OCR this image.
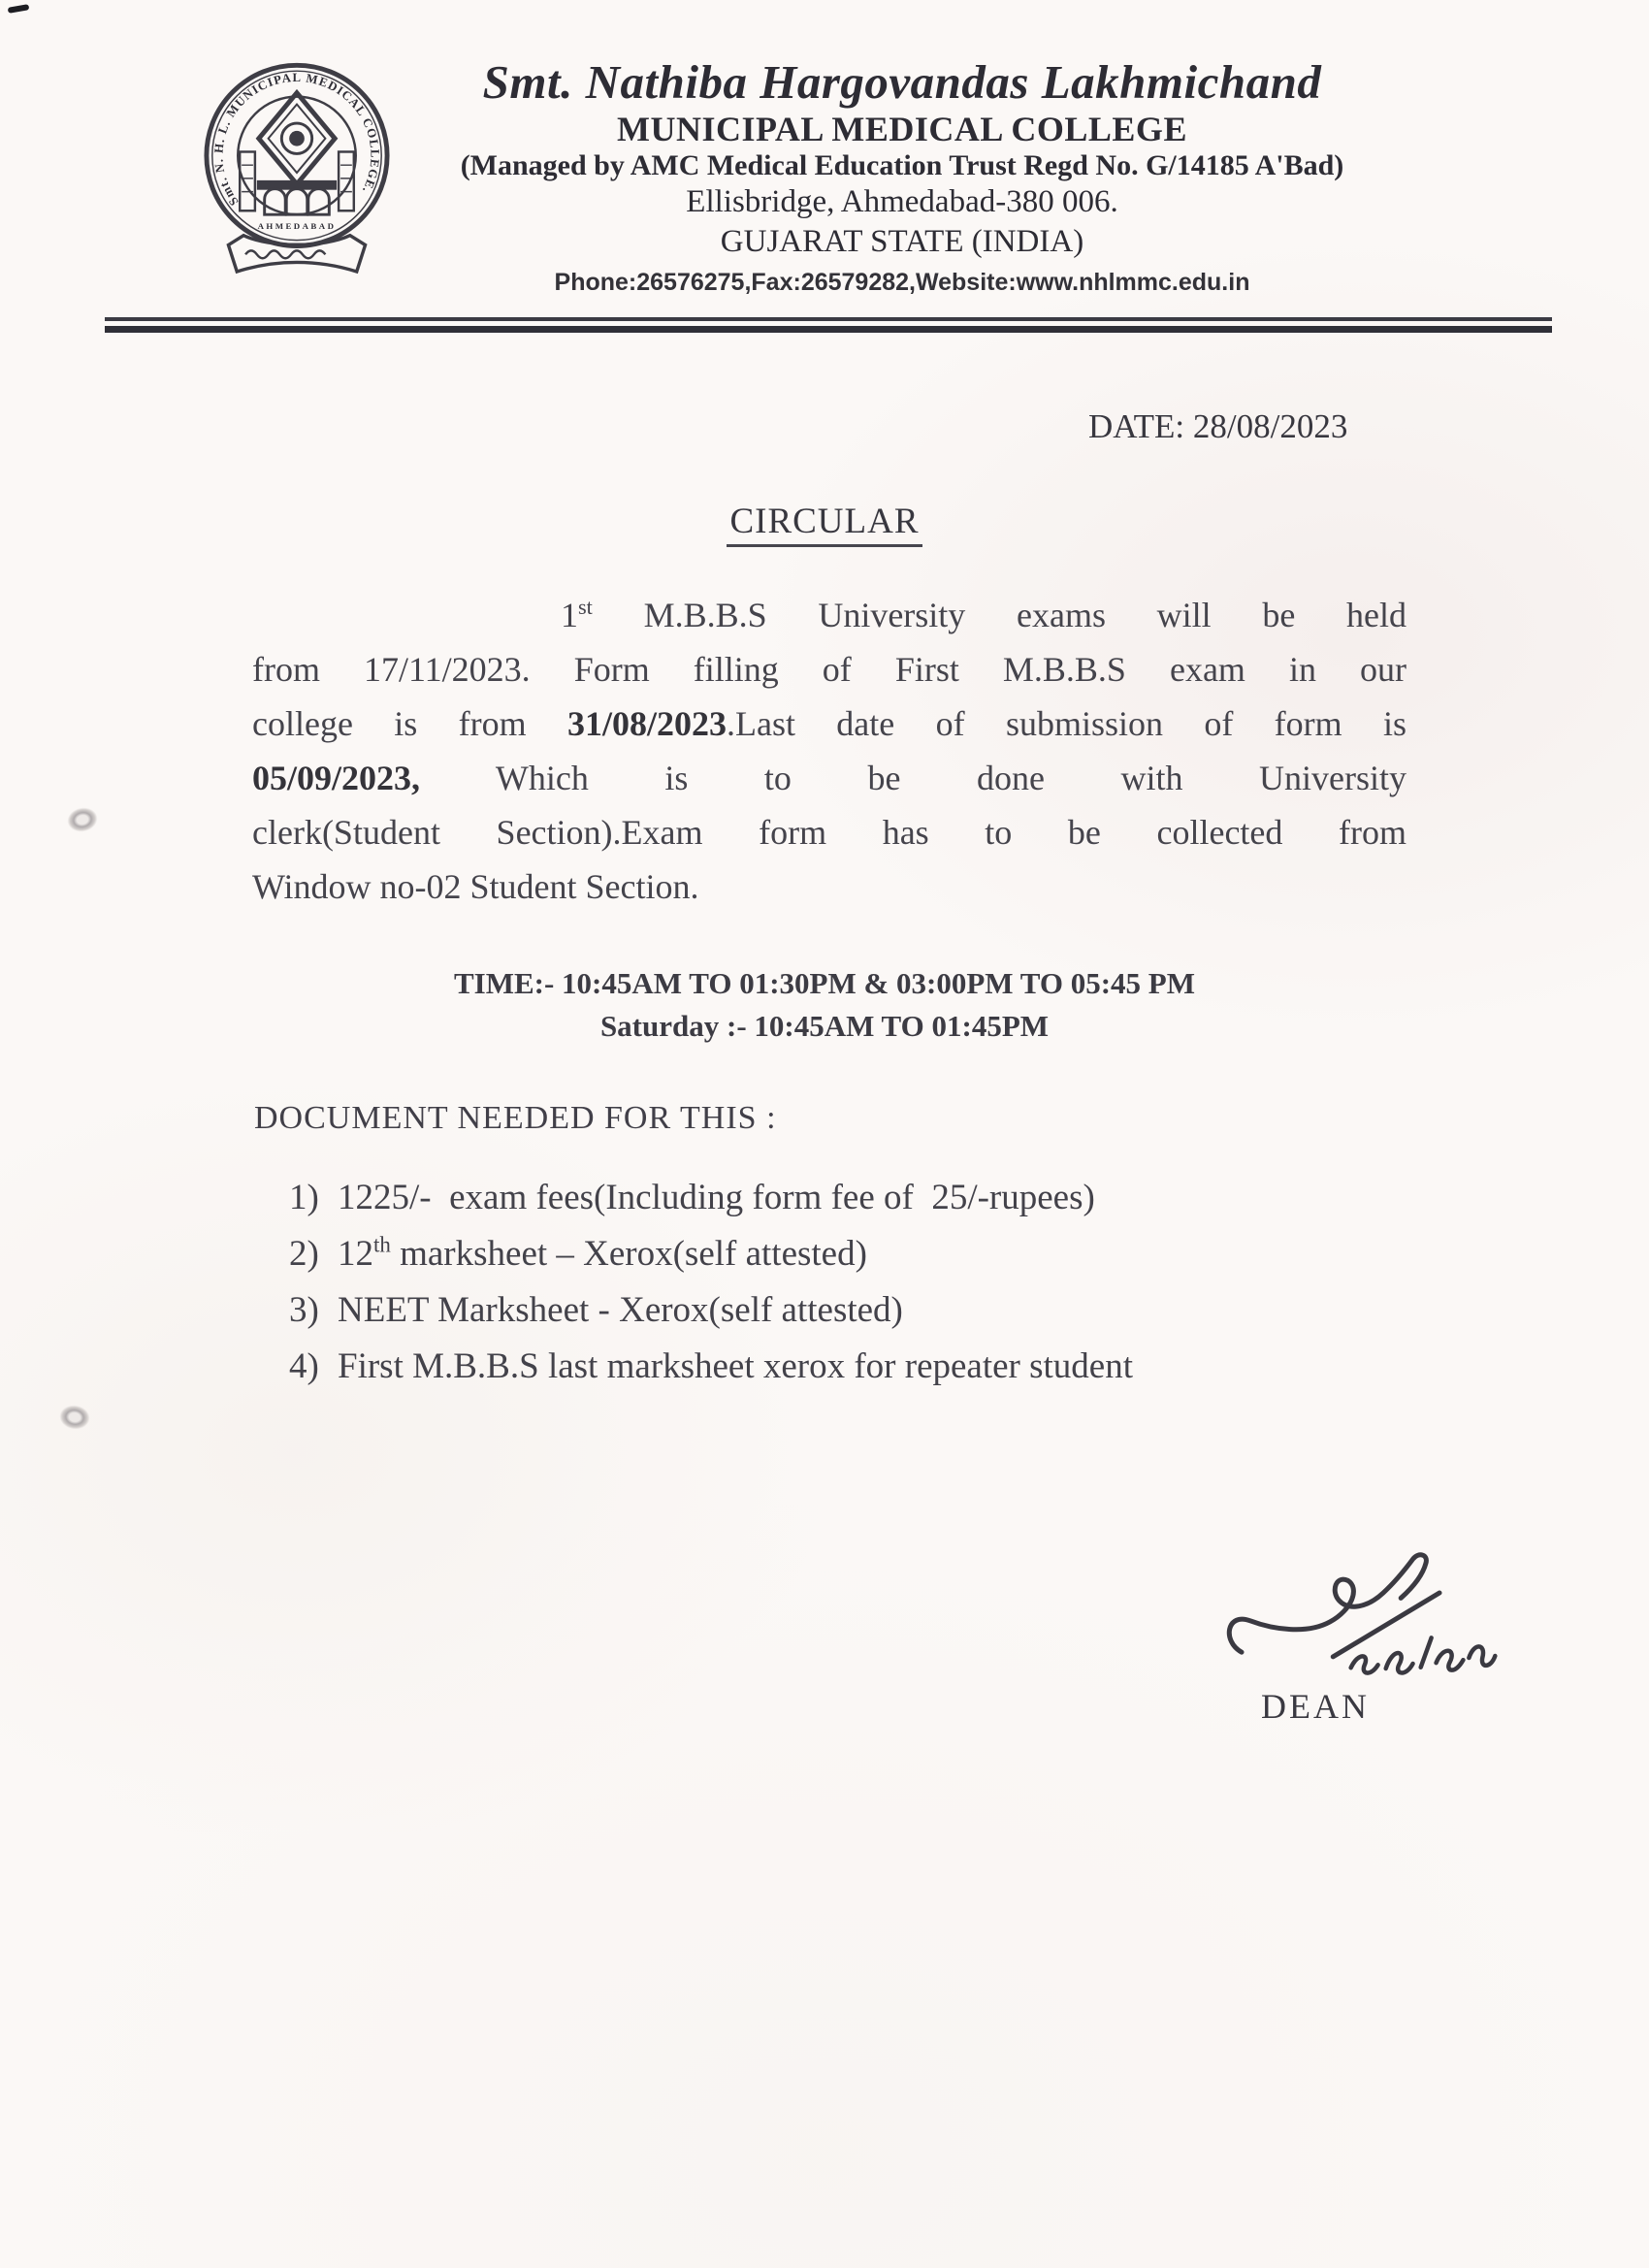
Smt. N. H. L. MUNICIPAL MEDICAL COLLEGE.
AHMEDABAD
Smt. Nathiba Hargovandas Lakhmichand
MUNICIPAL MEDICAL COLLEGE
(Managed by AMC Medical Education Trust Regd No. G/14185 A'Bad)
Ellisbridge, Ahmedabad-380 006.
GUJARAT STATE (INDIA)
Phone:26576275,Fax:26579282,Website:www.nhlmmc.edu.in
DATE: 28/08/2023
CIRCULAR
1st M.B.B.S University exams will be held
from 17/11/2023. Form filling of First M.B.B.S exam in our
college is from 31/08/2023.Last date of submission of form is
05/09/2023, Which is to be done with University
clerk(Student Section).Exam form has to be collected from
Window no-02 Student Section.
TIME:- 10:45AM TO 01:30PM & 03:00PM TO 05:45 PM
Saturday :- 10:45AM TO 01:45PM
DOCUMENT NEEDED FOR THIS :
1) 1225/-  exam fees(Including form fee of  25/-rupees)
2) 12th marksheet – Xerox(self attested)
3) NEET Marksheet - Xerox(self attested)
4) First M.B.B.S last marksheet xerox for repeater student
DEAN
